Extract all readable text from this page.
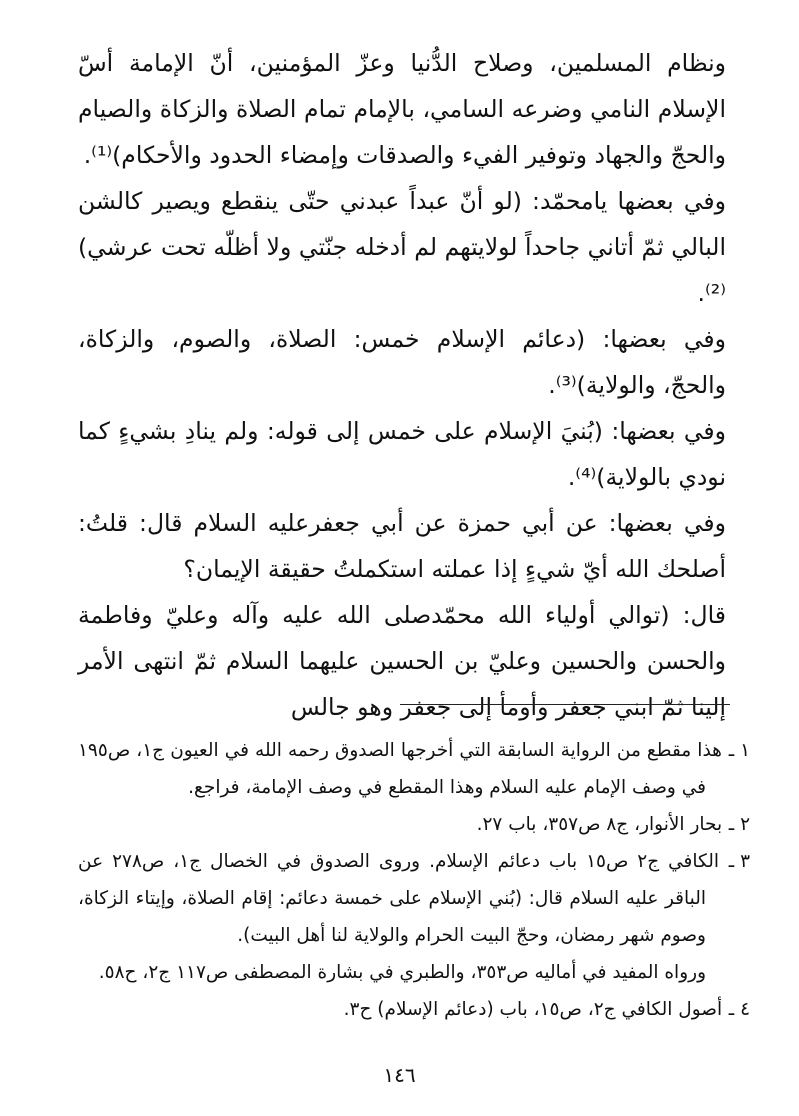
ونظام المسلمين، وصلاح الدُّنيا وعزّ المؤمنين، أنّ الإمامة أسّ الإسلام النامي وضرعه السامي، بالإمام تمام الصلاة والزكاة والصيام والحجّ والجهاد وتوفير الفيء والصدقات وإمضاء الحدود والأحكام)⁽¹⁾.

وفي بعضها يامحمّد: (لو أنّ عبداً عبدني حتّى ينقطع ويصير كالشن البالي ثمّ أتاني جاحداً لولايتهم لم أدخله جنّتي ولا أظلّه تحت عرشي)⁽²⁾.

وفي بعضها: (دعائم الإسلام خمس: الصلاة، والصوم، والزكاة، والحجّ، والولاية)⁽³⁾.

وفي بعضها: (بُنيَ الإسلام على خمس إلى قوله: ولم ينادِ بشيءٍ كما نودي بالولاية)⁽⁴⁾.

وفي بعضها: عن أبي حمزة عن أبي جعفرعليه السلام قال: قلتُ: أصلحك الله أيّ شيءٍ إذا عملته استكملتُ حقيقة الإيمان؟

قال: (توالي أولياء الله محمّدصلى الله عليه وآله وعليّ وفاطمة والحسن والحسين وعليّ بن الحسين عليهما السلام ثمّ انتهى الأمر إلينا ثمّ ابني جعفر وأومأ إلى جعفر وهو جالس

١ ـ هذا مقطع من الرواية السابقة التي أخرجها الصدوق رحمه الله في العيون ج١، ص١٩٥ في وصف الإمام عليه السلام وهذا المقطع في وصف الإمامة، فراجع.

٢ ـ بحار الأنوار، ج٨ ص٣٥٧، باب ٢٧.

٣ ـ الكافي ج٢ ص١٥ باب دعائم الإسلام. وروى الصدوق في الخصال ج١، ص٢٧٨ عن الباقر عليه السلام قال: (بُني الإسلام على خمسة دعائم: إقام الصلاة، وإيتاء الزكاة، وصوم شهر رمضان، وحجّ البيت الحرام والولاية لنا أهل البيت).

ورواه المفيد في أماليه ص٣٥٣، والطبري في بشارة المصطفى ص١١٧ ج٢، ح٥٨.

٤ ـ أصول الكافي ج٢، ص١٥، باب (دعائم الإسلام) ح٣.

١٤٦
